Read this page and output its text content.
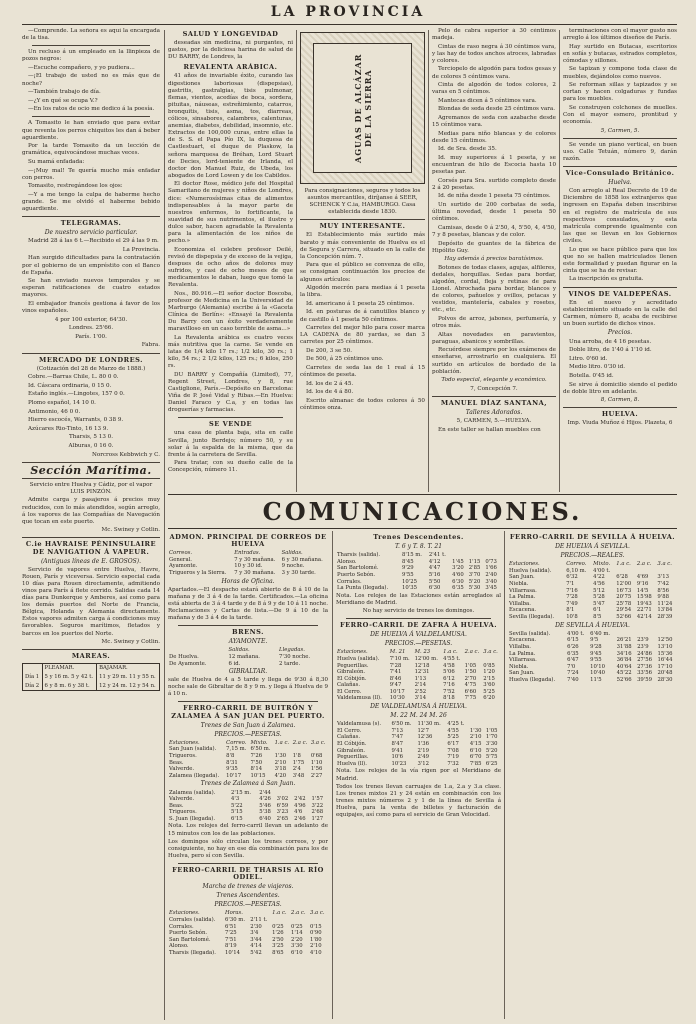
LA PROVINCIA

—Comprende. La señora es aquí la encargada de la tisa.

Un recluso á un empleado en la llinpieza de pozos negros:

—Escuche compañero, y yo pudiera...

—¡El trabajo de usted no es más que de noche?

—También trabajo de día.

—¿Y en qué se ocupa V.?

—En los ratos de ocio me dedico á la poesía.

A Tomasito le han enviado que para evitar que reventa los perros chiquitos les dan á beber aguardiente.

Por la tarde Tomasito da un lección de gramática, equivocándose muchas veces.

Su mamá enfadada:

—¡Muy mal! Te quería mucho más enfadar con perros.

Tomasito, restregándose los ojos:

—Y a me tengo la culpa de haberme hecho grande. Se me olvidó el haberme bebido aguardiente.

TELEGRAMAS.
De nuestro servicio particular.

Madrid 28 á las 6 t.—Recibido el 29 á las 9 m.

La Provincia.

Han surgido dificultades para la contratación por el gobierno de un empréstito con el Banco de España.

Se han enviado nuevos temporales y se esperan ratificaciones de cuatro estados mayores.

El embajador francés gestiona á favor de los vinos españoles.

4 por 100 exterior, 64'30.

Londres. 25'66.

París. 1'00.

Fabra.

MERCADO DE LONDRES.

(Cotización del 28 de Marzo de 1888.)

Cobre.—Barras Chile, L. 80 0 0.

Id. Cáscara ordinaria, 0 15 0.

Estaño inglés.—Lingotes, 157 0 0.

Plomo español, 14 10 0.

Antimonio, 46 0 0.

Hierro escocés, Warrants, 0 38 9.

Azúcares Rio-Tinto, 16 13 9.

Tharsis, 5 13 0.

Alburas, 0 16 0.

Norcross Kebbwich y C.

Sección Marítima.

Servicio entre Huelva y Cádiz, por el vapor LUIS PINZÓN.

Admite carga y pasajeros á precios muy reducidos, con lo más atendidos, según arreglo, á los vapores de las Compañías de Navegación que tocan en este puerto.

Mc. Swiney y Cotlin.

C.ie HAVRAISE PÉNINSULAIRE DE NAVIGATION Á VAPEUR.
(Antiguas líneas de E. GROSOS).

Servicio de vapores entre Huelva, Havre, Rouen, París y viceversa. Servicio especial cada 10 días para Rouen directamente, admitiendo vinos para París á flete corrido. Salidas cada 14 días para Dunkerque y Amberes, así como para los demás puertos del Norte de Francia, Bélgica, Holanda y Alemania directamente. Estos vapores admiten carga á condiciones muy favorables. Seguros marítimos, fletados y barcos en los puertos del Norte.

Mc. Swiney y Cotlin.

MAREAS.
	PLEAMAR.	BAJAMAR.
Día 1	5 y 16 m. 5 y 42 t.	11 y 29 m. 11 y 55 n.
Día 2	6 y 8 m. 6 y 38 t.	12 y 24 m. 12 y 54 n.
SALUD Y LONGEVIDAD

deseadas sin medicina, ni purgantes, ni gastos, por la deliciosa harina de salud de DU BARRY, de Londres, la

REVALENTA ARÁBICA.

41 años de invariable éxito, curando las digestiones laboriosas (dispepsias), gastritis, gastralgias, tisis pulmonar, flemas, vientos, acedías de boca, sordera, pituitas, náuseas, estreñimiento, catarros, bronquitis, tisis, asma, tos, diarreas, cólicos, sinsabores, calambres, calenturas, anemias, diabetes, debilidad, insomnio, etc. Extractos de 100,000 curas, entre ellas la de S. S. el Papa Pío IX, la duquesa de Castlestuart, el duque de Plaskow, la señora marquesa de Bréhan, Lord Stuart de Decies, lord-teniente de Irlanda, el doctor don Manuel Ruiz, de Ubeda, los abogados de Lord Lowen y de los Cabildos.

El doctor Rose, médico jefe del Hospital Samaritano de mujeres y niños de Londres, dice: «Numerosísimas citas de alimentos indispensables á la mayor parte de nuestros enfermos, lo fortificante, la suavidad de sus nutrimentos, el ilustre y dulce sabor, hacen agradable la Revalenta para la alimentación de los niños de pecho.»

Economiza el celebre profesor Deilé, revisó de dispepsia y de exceso de la vejiga, despues de ocho años de dolores muy sufridos, y casi de ocho meses de que medicamentos le daban, luego que tomó la Revalenta.

Nos., 80.916.—El señor doctor Boscoba, profesor de Medicina en la Universidad de Marburgo (Alemania) escribe á la «Gaceta Clínica de Berlín»: «Ensayé la Revalenta Du Barry con un éxito verdaderamente maravilloso en un caso terrible de asma...»

La Revalenta arábica es cuatro veces más nutritiva que la carne. Se vende en latas de 1/4 kilo 17 rs.; 1/2 kilo, 30 rs.; 1 kilo, 54 rs.; 2 1/2 kilos, 125 rs.; 6 kilos, 250 rs.

DU BARRY y Compañía (Limited), 77, Regent Street, Londres, y 8, rue Castiglione, París.—Depósito en Barcelona: Viña de P. José Vidal y Ribas.—En Huelva: Daniel Faraco y C.a, y en todas las droguerías y farmacias.

SE VENDE

una casa de planta baja, sita en calle Sevilla, junto Berdejo; número 50, y su solar á la espalda de la misma, que da frente á la carretera de Sevilla.

Para tratar, con su dueño calle de la Concepción, número 11.

AGUAS DE ALCÁZAR DE LA SIERRA

Para consignaciones, seguros y todos los asuntos mercantiles, diríjanse á SEER, SCHENCK Y C.ia, HAMBURGO. Casa establecida desde 1830.

MUY INTERESANTE.

El Establecimiento más surtido más barato y más conveniente de Huelva es el de Segura y Carrera, situado en la calle de la Concepción núm. 7.

Para que el público se convenza de ello, se consignan continuación los precios de algunos artículos:

Algodón mecrón para medias á 1 peseta la libra.

Id. americano á 1 peseta 25 céntimos.

Id. en posturas de á canutillos blanco y de castillo á 1 peseta 50 céntimos.

Carretes del mejor hilo para coser marca LA CADENA de 80 yardas, se dan 3 carretes por 25 céntimos.

De 200, 3 se 50.

De 500, á 25 céntimos uno.

Carretes de seda las de 1 real á 15 céntimos de peseta.

Id. los de 2 á 45.

Id. los de 4 á 80.

Escrito almanac de todos colores á 50 céntimos onza.

Pelo de cabra superior á 30 céntimos madeja.

Cintas de raso negra á 30 céntimos vara, y las hay de todos anchos atroces, labradas y colores.

Terciopelo de algodón para todos gesas y de colores 5 céntimos vara.

Cinta de algodón de todos colores, 2 varas en 5 céntimos.

Mantecas dicen á 5 céntimos vara.

Blondas de seda desde 25 céntimos vara.

Agremanos de seda con azabache desde 15 céntimos vara.

Medias para niño blancas y de colores desde 15 céntimos.

Id. de Sra. desde 35.

Id. muy superiores á 1 peseta, y se encuentran de hilo de Escocia hasta 10 pesetas par.

Corsés para Sra. surtido completo desde 2 á 20 pesetas.

Id. de niña desde 1 peseta 75 céntimos.

Un surtido de 200 corbatas de seda, última novedad, desde 1 peseta 50 céntimos.

Camisas, desde 0 á 2'50, 4, 5'50, 4, 4'50, 7 y 8 pesetas, blancas y de color.

Depósito de guantes de la fábrica de Hipólito Guy.

Hay además á precios baratísimos.

Botones de todas clases, agujas, alfileres, dedales, horquillas. Sedas para bordar, algodón, cordal, fleja y retinas de para Lionel. Abrochada para bordar, blancos y de colores, pañuelos y ovillos, petacas y vestidos, mantelería, cabales y rosetes, etc., etc.

Polvos de arroz, jabones, perfumería, y otros más.

Altas novedades en paravientos, paraguas, abanicos y sombrillas.

Recuérdese siempre por los exámenes de enseñarse, arrostrarlo en cualquiera. El surtido en artículos de bordado de la población.

Todo especial, elegante y económico.

7, Concepción 7.

MANUEL DÍAZ SANTANA,
Talleres Adorados.

5, CARMEN, 5.—HUELVA.

En este taller se hallan muebles con

terminaciones con el mayor gusto nos arreglo á los últimos diseños de París.

Hay surtido en Butacas, escritorios en sofás y butacas, estrados completos, cómodas y sillones.

Se tapizan y compone toda clase de muebles, dejándolos como nuevos.

Se reforman sillas y tapizados y se cortan y hacen colgaduras y fundas para los muebles.

Se construyen colchones de muelles. Con el mayor esmero, prontitud y economía.

5, Carmen, 5.

Se vende un piano vertical, en buen uso. Calle Tetuán, número 9, darán razón.

Vice-Consulado Británico.
Huelva.

Con arreglo al Real Decreto de 19 de Diciembre de 1858 los extranjeros que ingresen en España deben inscribirse en el registro de matrícula de sus respectivos consulados, y esta matrícula comprende igualmente con las que se llevan en los Gobiernos civiles.

Lo que se hace público para que los que no se hallen matriculados llenen este formalidad y puedan figurar en la cinta que se ha de revisar.

La inscripción es gratuita.

VINOS DE VALDEPEÑAS.

En el nuevo y acreditado establecimiento situado en la calle del Carmen, número 8, acaba de recibirse un buen surtido de dichos vinos.

Precios.

Una arroba, de 4 16 pesetas.

Doble litro, de 1'40 á 1'10 id.

Litro. 0'60 id.

Medio litro. 0'30 id.

Botella. 0'45 id.

Se sirve á domicilio siendo el pedido de doble litro en adelante.

8, Carmen, 8.

HUELVA.

Imp. Viuda Muñoz é Hijos. Plazeta, 6

COMUNICACIONES.
ADMON. PRINCIPAL DE CORREOS DE HUELVA
Correos.	Entradas.	Salidas.
General.	7 y 30 mañana.	6 y 30 mañana.
Ayamonte.	10 y 30 id.	9 noche.
Trigueros y la Sierra.	7 y 30 mañana.	3 y 30 tarde.
Horas de Oficina.

Apartados.—El despacho estará abierto de 8 á 10 de la mañana y de 3 á 4 de la tarde. Certificados.—La oficina está abierta de 3 á 4 tarde y de 8 á 9 y de 10 á 11 noche. Reclamaciones y Cartas de lista.—De 9 á 10 de la mañana y de 3 á 4 de la tarde.

BRENS.
AYAMONTE.
	Salidas.	Llegadas.
De Huelva.	12 mañana.	7'30 noche.
De Ayamonte.	6 id.	2 tarde.
GIBRALTAR.

sale de Huelva de 4 a 5 tarde y llega de 9'30 á 8,30 noche sale de Gibraltar de 8 y 9 m. y llega á Huelva de 9 á 10 n.

FERRO-CARRIL DE BUITRÓN Y ZALAMEA Á SAN JUAN DEL PUERTO.
Trenes de San Juan á Zalamea.
PRECIOS.—PESETAS.
Estaciones.	Correo.	Mixto.	1.a c.	2.a c.	3.a c.
San Juan (salida).	7,15 m.	6'50 m.			
Trigueros.	8'8	7'26	1'30	1'8	0'68
Beas.	8'31	7'50	2'10	1'75	1'10
Valverde.	9'35	8'14	3'18	2'4	1'56
Zalamea (llegada).	10'17	10'15	4'20	3'48	2'27
Trenes de Zalamea á San Juan.
Zalamea (salida).	2'15 m.	2'44			
Valverde.	4'3	4'26	3'02	2'42	1'57
Beas.	5'22	5'46	6'59	4'96	3'22
Trigueros.	5'15	5'38	3'23	4'6	2'68
S. Juan (llegada).	6'15	6'40	2'65	2'46	1'27

Nota. Los relojes del ferro-carril llevan un adelanto de 15 minutos con los de las poblaciones.

Los domingos sólo circulan los trenes correos, y por consiguiente, no hay en ese día combinación para los de Huelva, pero sí con Sevilla.

FERRO-CARRIL DE THARSIS AL RÍO ODIEL.
Marcha de trenes de viajeros.
Trenes Ascendentes.
PRECIOS.—PESETAS.
Estaciones.	Horas.		1.a c.	2.a c.	3.a c.
Corrales (salida).	6'30 m.	2'11 t.			
Corrales.	6'51	2'30	0'25	0'25	0'15
Puerto Sebón.	7'25	3'4	1'26	1'14	0'90
San Bartolomé.	7'51	3'44	2'50	2'20	1'80
Alonso.	8'19	4'14	3'25	3'30	2'10
Tharsis (llegada).	10'14	5'42	8'65	6'10	4'10
Trenes Descendentes.
T. 6 y T. 8. T. 21
Tharsis (salida).	8'15 m.	2'41 t.			
Alonso.	8'45	4'12	1'45	1'15	0'73
San Bartolomé.	9'29	4'47	3'20	2'85	1'66
Puerto Sebón.	9'55	5'16	4'60	3'70	2'40
Corrales.	10'25	5'50	6'30	5'20	3'40
La Punta (llegada).	10'35	6'30	6'35	5'30	3'45

Nota. Los relojes de las Estaciones están arreglados al Meridiano de Madrid.

No hay servicio de trenes los domingos.

FERRO-CARRIL DE ZAFRA Á HUELVA.
DE HUELVA Á VALDELAMUSA.
PRECIOS.—PESETAS.
Estaciones.	M. 21	M. 23	1.a c.	2.a c.	3.a c.
Huelva (salida).	7'10 m.	12'00 m.	4'55 t.		
Peguerillas.	7'28	12'18	4'58	1'05	0'85
Gibraleón.	7'41	12'31	5'06	1'50	1'20
El Cóbijón.	8'46	1'13	6'12	2'70	2'15
Calañas.	9'47	2'14	7'16	4'75	3'60
El Cerro.	10'17	2'52	7'52	6'60	5'25
Valdelamusa (ll).	10'30	3'14	8'18	7'75	6'20
DE VALDELAMUSA Á HUELVA.
M. 22 M. 24 M. 26
Valdelamusa (s).	6'50 m.	11'30 m.	4'25 t.		
El Cerro.	7'13	12'7	4'55	1'30	1'05
Calañas.	7'47	12'36	5'25	2'10	1'70
El Cóbijón.	8'47	1'36	6'17	4'15	3'30
Gibraleón.	9'41	2'19	7'08	6'10	5'20
Peguerillas.	10'6	2'49	7'19	6'70	5'75
Huelva (ll).	10'23	3'12	7'32	7'85	6'25

Nota. Los relojes de la vía rigen por el Meridiano de Madrid.

Todos los trenes llevan carruajes de 1.a, 2.a y 3.a clase. Los trenes mixtos 21 y 24 están en combinación con los trenes mixtos números 2 y 1 de la línea de Sevilla á Huelva, para la venta de billetes y facturación de equipajes, así como para el servicio de Gran Velocidad.

FERRO-CARRIL DE SEVILLA Á HUELVA.
DE HUELVA Á SEVILLA.
PRECIOS.—REALES.
Estaciones.	Correo.	Mixto.	1.a c.	2.a c.	3.a c.
Huelva (salida).	6,10 m.	4'00 t.			
San Juan.	6'32	4'22	6'28	4'69	3'13
Niebla.	7'1	4'56	12'00	9'16	7'42
Villarrasa.	7'16	5'12	16'73	14'5	8'56
La Palma.	7'28	5'28	20'75	15'98	9'88
Villalba.	7'49	5'47	25'78	19'43	11'24
Escacena.	8'1	6'1	29'54	22'71	13'84
Sevilla (llegada).	10'8	8'5	52'66	42'14	28'39
DE SEVILLA Á HUELVA.
Sevilla (salida).	4'00 t.	6'40 m.			
Escacena.	6'15	9'5	26'21	23'9	12'50
Villalba.	6'26	9'28	31'88	23'9	13'10
La Palma.	6'35	9'45	34'16	24'86	15'36
Villarrasa.	6'47	9'55	36'84	27'56	16'44
Niebla.	7'0	10'10	40'64	27'36	17'10
San Juan.	7'24	10'40	45'22	33'56	20'48
Huelva (llegada).	7'40	11'5	52'66	39'59	28'30
